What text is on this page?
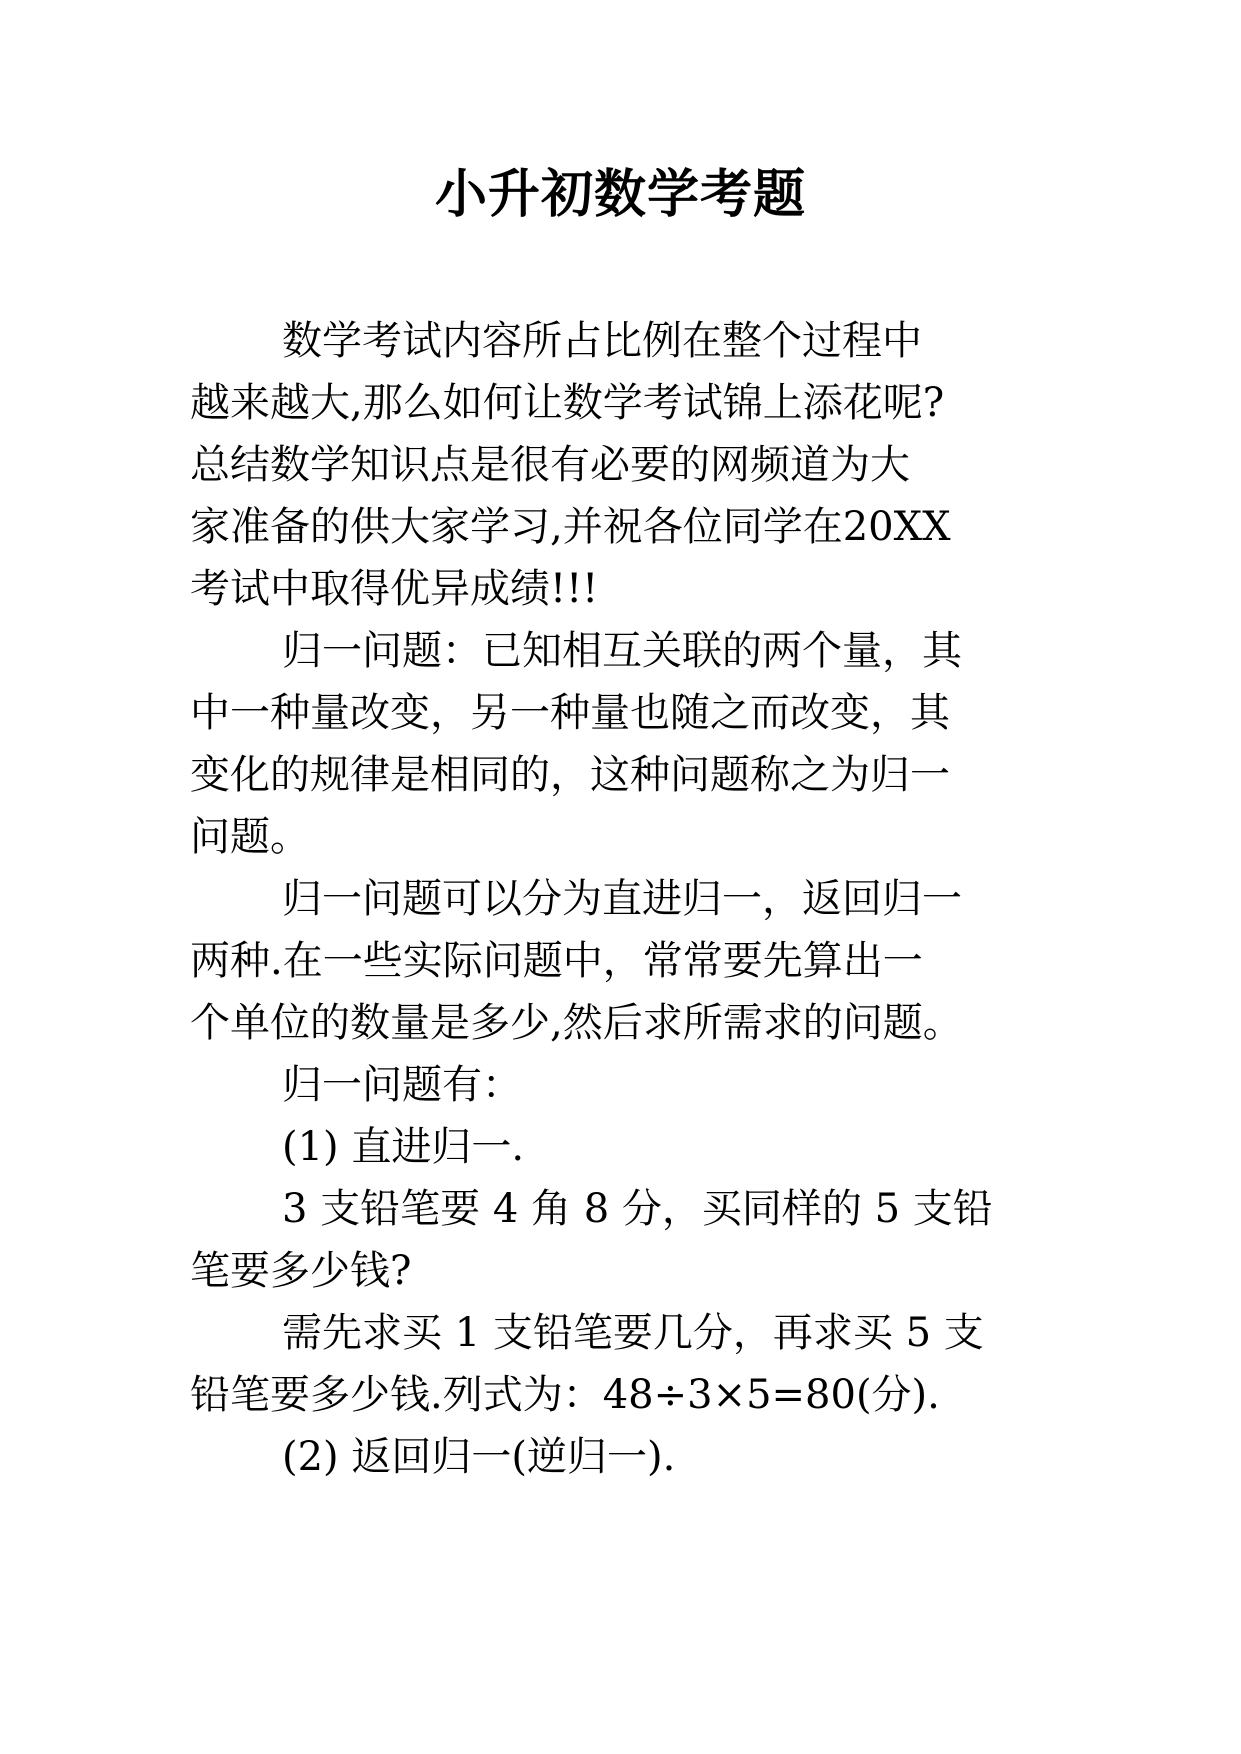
小升初数学考题
数学考试内容所占比例在整个过程中
越来越大,那么如何让数学考试锦上添花呢?
总结数学知识点是很有必要的网频道为大
家准备的供大家学习,并祝各位同学在20XX
考试中取得优异成绩!!!
归一问题：已知相互关联的两个量，其
中一种量改变，另一种量也随之而改变，其
变化的规律是相同的，这种问题称之为归一
问题。
归一问题可以分为直进归一，返回归一
两种.在一些实际问题中，常常要先算出一
个单位的数量是多少,然后求所需求的问题。
归一问题有：
(1) 直进归一.
3 支铅笔要 4 角 8 分，买同样的 5 支铅
笔要多少钱?
需先求买 1 支铅笔要几分，再求买 5 支
铅笔要多少钱.列式为：48÷3×5=80(分).
(2) 返回归一(逆归一).
